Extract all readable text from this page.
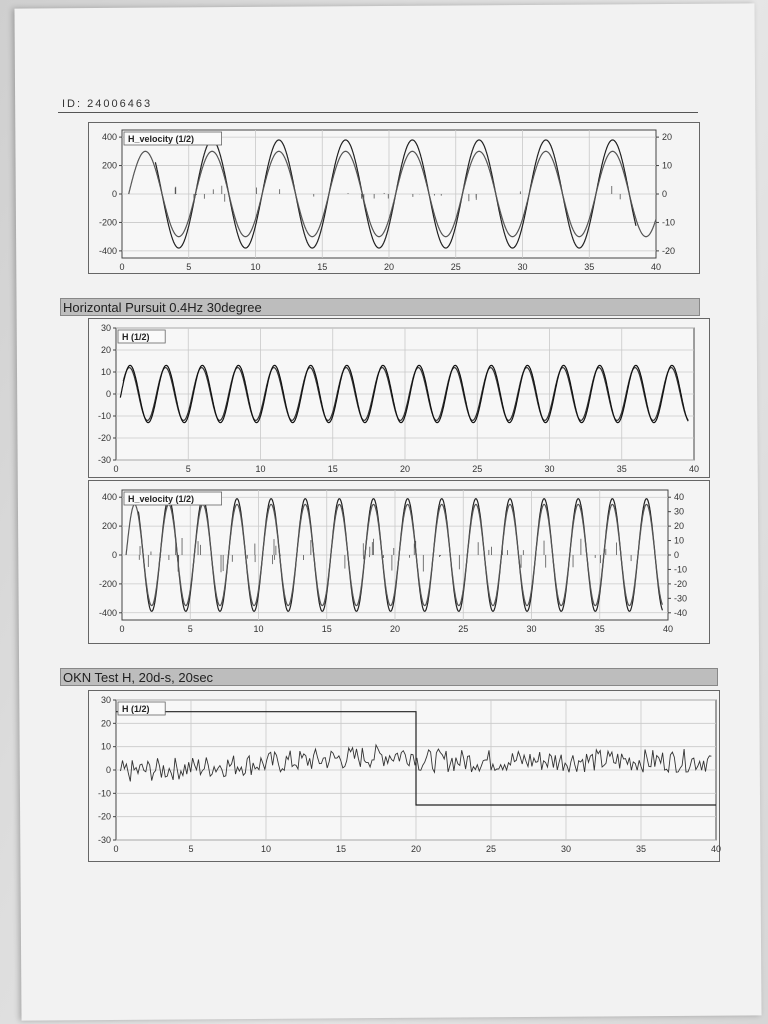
ID: 24006463
Horizontal Pursuit 0.4Hz 30degree
OKN Test H, 20d-s, 20sec
0	5	10	15	20	25	30	35	40
400
200
0
-200
-400
20
10
0
-10
-20
H_velocity (1/2)
0	5	10	15	20	25	30	35	40
30
20
10
0
-10
-20
-30
H (1/2)
0	5	10	15	20	25	30	35	40
400
200
0
-200
-400
40
30
20
10
0
-10
-20
-30
-40
H_velocity (1/2)
0	5	10	15	20	25	30	35	40
30
20
10
0
-10
-20
-30
H (1/2)
